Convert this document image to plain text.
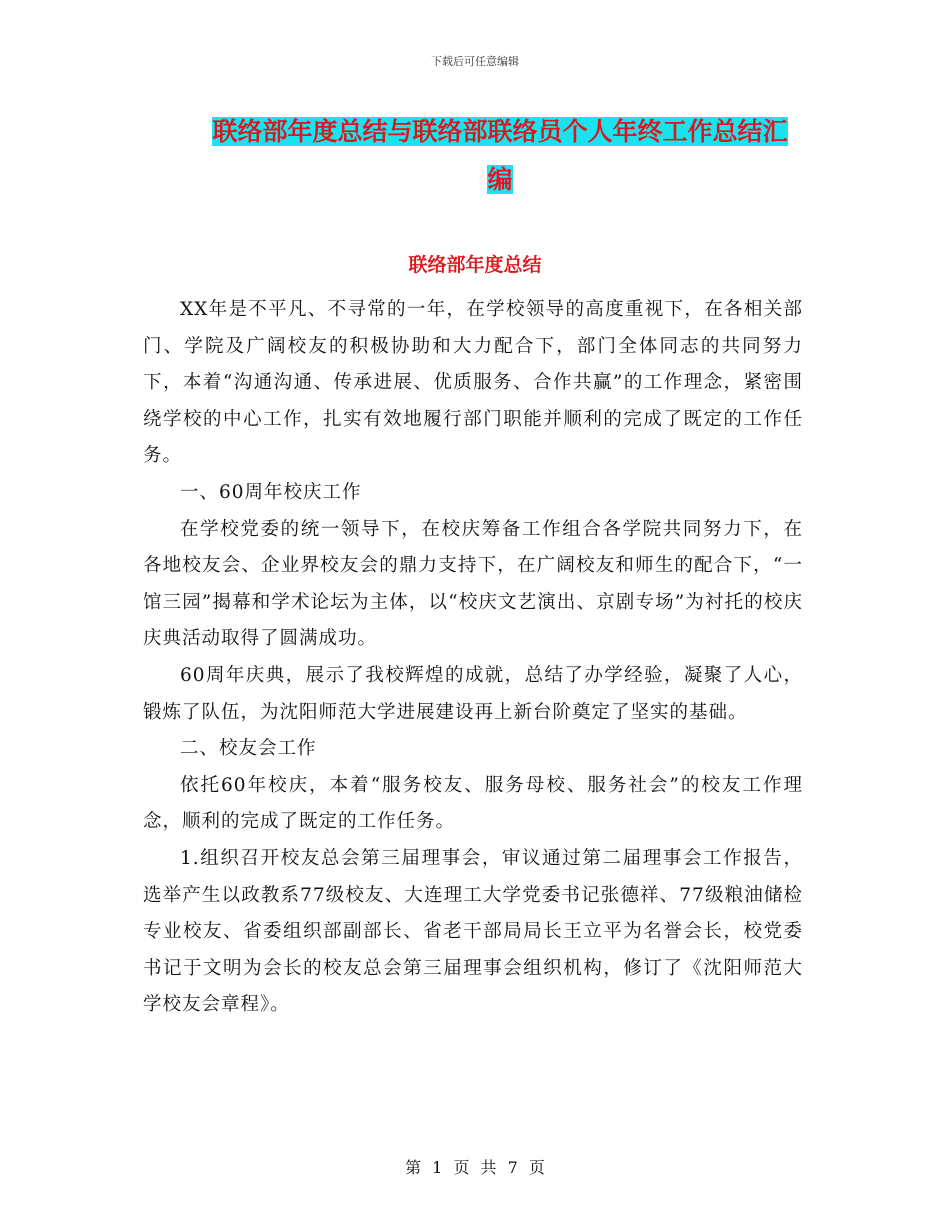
下载后可任意编辑
联络部年度总结与联络部联络员个人年终工作总结汇
编
联络部年度总结

XX年是不平凡、不寻常的一年，在学校领导的高度重视下，在各相关部门、学院及广阔校友的积极协助和大力配合下，部门全体同志的共同努力下，本着“沟通沟通、传承进展、优质服务、合作共赢”的工作理念，紧密围绕学校的中心工作，扎实有效地履行部门职能并顺利的完成了既定的工作任务。

一、60周年校庆工作

在学校党委的统一领导下，在校庆筹备工作组合各学院共同努力下，在各地校友会、企业界校友会的鼎力支持下，在广阔校友和师生的配合下，“一馆三园”揭幕和学术论坛为主体，以“校庆文艺演出、京剧专场”为衬托的校庆庆典活动取得了圆满成功。

60周年庆典，展示了我校辉煌的成就，总结了办学经验，凝聚了人心，锻炼了队伍，为沈阳师范大学进展建设再上新台阶奠定了坚实的基础。

二、校友会工作

依托60年校庆，本着“服务校友、服务母校、服务社会”的校友工作理念，顺利的完成了既定的工作任务。

1.组织召开校友总会第三届理事会，审议通过第二届理事会工作报告，选举产生以政教系77级校友、大连理工大学党委书记张德祥、77级粮油储检专业校友、省委组织部副部长、省老干部局局长王立平为名誉会长，校党委书记于文明为会长的校友总会第三届理事会组织机构，修订了《沈阳师范大学校友会章程》。

第 1 页 共 7 页
